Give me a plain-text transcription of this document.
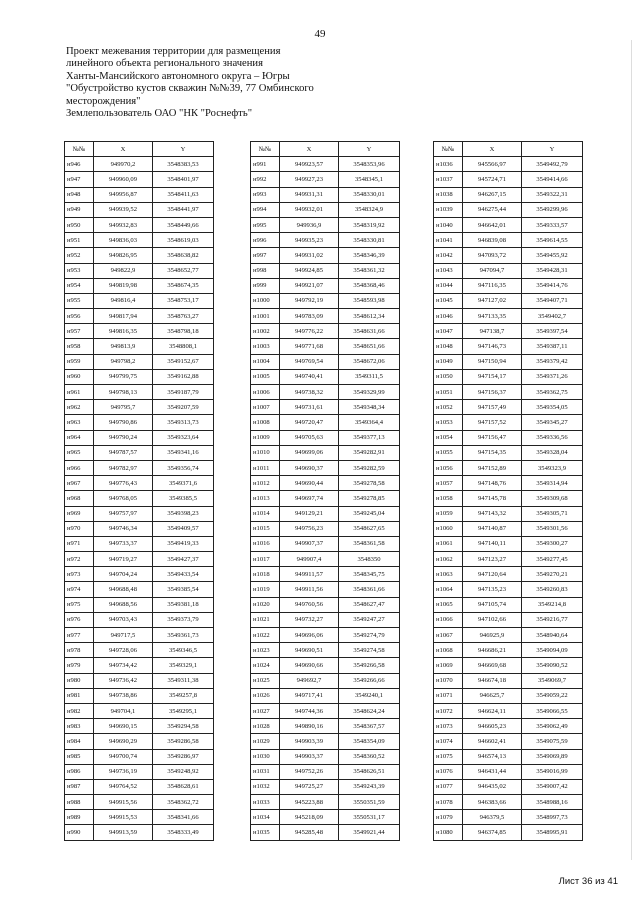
49
Проект межевания территории для размещения
линейного объекта регионального значения
Ханты-Мансийского автономного округа – Югры
"Обустройство кустов скважин №№39, 77 Омбинского
месторождения"
Землепользователь ОАО "НК "Роснефть"
№№	X	Y
н946	949970,2	3548383,53
н947	949960,09	3548401,97
н948	949956,87	3548411,63
н949	949939,52	3548441,97
н950	949932,83	3548449,66
н951	949836,03	3548619,03
н952	949826,95	3548638,82
н953	949822,9	3548652,77
н954	949819,98	3548674,35
н955	949816,4	3548753,17
н956	949817,94	3548763,27
н957	949816,35	3548798,18
н958	949813,9	3548808,1
н959	949798,2	3549152,67
н960	949799,75	3549162,88
н961	949798,13	3549187,79
н962	949795,7	3549207,59
н963	949790,86	3549313,73
н964	949790,24	3549323,64
н965	949787,57	3549341,16
н966	949782,97	3549356,74
н967	949776,43	3549371,6
н968	949768,05	3549385,5
н969	949757,97	3549398,23
н970	949746,34	3549409,57
н971	949733,37	3549419,33
н972	949719,27	3549427,37
н973	949704,24	3549433,54
н974	949688,48	3549385,54
н975	949688,56	3549381,18
н976	949703,43	3549373,79
н977	949717,5	3549361,73
н978	949728,06	3549346,5
н979	949734,42	3549329,1
н980	949736,42	3549311,38
н981	949738,86	3549257,8
н982	949704,1	3549295,1
н983	949690,15	3549294,58
н984	949690,29	3549286,58
н985	949700,74	3549286,97
н986	949736,19	3549248,92
н987	949764,52	3548628,61
н988	949915,56	3548362,72
н989	949915,53	3548341,66
н990	949913,59	3548333,49
№№	X	Y
н991	949923,57	3548353,96
н992	949927,23	3548345,1
н993	949931,31	3548330,01
н994	949932,01	3548324,9
н995	949936,9	3548319,92
н996	949935,23	3548330,81
н997	949931,02	3548346,39
н998	949924,85	3548361,32
н999	949921,07	3548368,46
н1000	949792,19	3548593,98
н1001	949783,09	3548612,34
н1002	949776,22	3548631,66
н1003	949771,68	3548651,66
н1004	949769,54	3548672,06
н1005	949740,41	3549311,5
н1006	949738,32	3549329,99
н1007	949731,61	3549348,34
н1008	949720,47	3549364,4
н1009	949705,63	3549377,13
н1010	949699,06	3549282,91
н1011	949690,37	3549282,59
н1012	949690,44	3549278,58
н1013	949697,74	3549278,85
н1014	949129,21	3549245,04
н1015	949756,23	3548627,65
н1016	949907,37	3548361,58
н1017	949907,4	3548350
н1018	949911,57	3548345,75
н1019	949911,56	3548361,66
н1020	949760,56	3548627,47
н1021	949732,27	3549247,27
н1022	949696,06	3549274,79
н1023	949690,51	3549274,58
н1024	949690,66	3549266,58
н1025	949692,7	3549266,66
н1026	949717,41	3549240,1
н1027	949744,36	3548624,24
н1028	949890,16	3548367,57
н1029	949903,39	3548354,09
н1030	949903,37	3548360,52
н1031	949752,26	3548626,51
н1032	949725,27	3549243,39
н1033	945223,88	3550351,59
н1034	945218,09	3550531,17
н1035	945285,48	3549921,44
№№	X	Y
н1036	945566,97	3549492,79
н1037	945724,71	3549414,66
н1038	946267,15	3549322,31
н1039	946275,44	3549299,96
н1040	946642,01	3549333,57
н1041	946839,08	3549614,55
н1042	947093,72	3549455,92
н1043	947094,7	3549428,31
н1044	947116,35	3549414,76
н1045	947127,02	3549407,71
н1046	947133,35	3549402,7
н1047	947138,7	3549397,54
н1048	947146,73	3549387,11
н1049	947150,94	3549379,42
н1050	947154,17	3549371,26
н1051	947156,37	3549362,75
н1052	947157,49	3549354,05
н1053	947157,52	3549345,27
н1054	947156,47	3549336,56
н1055	947154,35	3549328,04
н1056	947152,89	3549323,9
н1057	947148,76	3549314,94
н1058	947145,78	3549309,68
н1059	947143,32	3549305,71
н1060	947140,87	3549301,56
н1061	947140,11	3549300,27
н1062	947123,27	3549277,45
н1063	947120,64	3549270,21
н1064	947135,23	3549260,83
н1065	947105,74	3549214,8
н1066	947102,66	3549216,77
н1067	946925,9	3548940,64
н1068	946686,21	3549094,09
н1069	946669,68	3549090,52
н1070	946674,18	3549069,7
н1071	946625,7	3549059,22
н1072	946624,11	3549066,55
н1073	946605,23	3549062,49
н1074	946602,41	3549075,59
н1075	946574,13	3549069,89
н1076	946431,44	3549016,99
н1077	946435,02	3549007,42
н1078	946383,66	3548988,16
н1079	946379,5	3548997,73
н1080	946374,85	3548995,91
Лист 36 из 41
